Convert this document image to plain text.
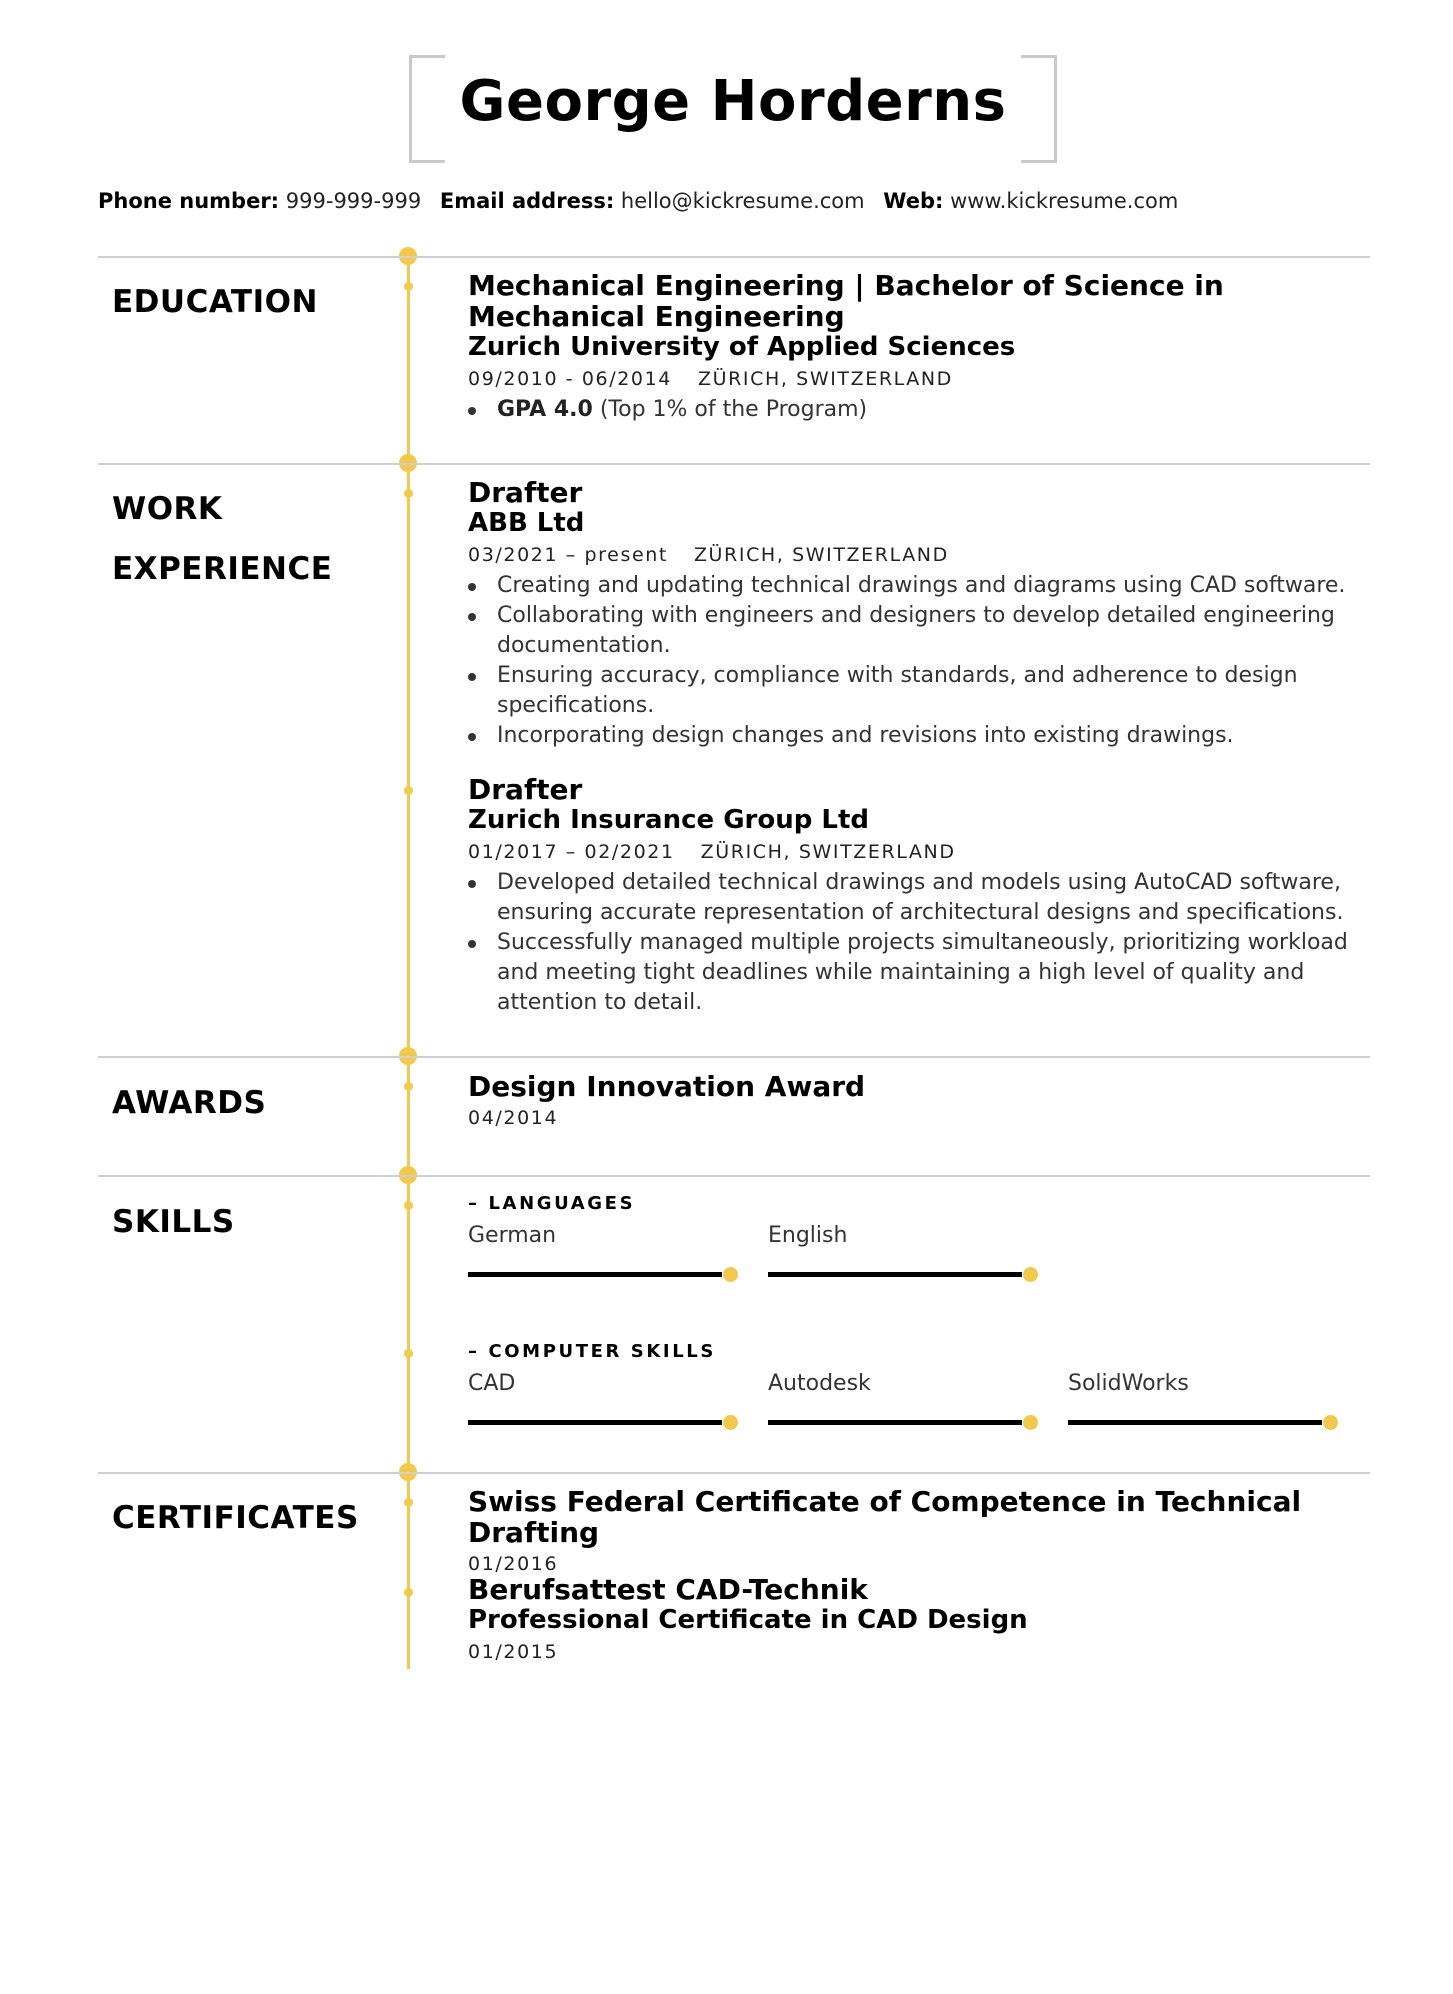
George Horderns
Phone number: 999-999-999 Email address: hello@kickresume.com Web: www.kickresume.com
EDUCATION	Mechanical Engineering | Bachelor of Science in Mechanical Engineering
Zurich University of Applied Sciences
09/2010 - 06/2014 ZÜRICH, SWITZERLAND
GPA 4.0 (Top 1% of the Program)
WORK EXPERIENCE
Drafter
ABB Ltd
03/2021 – present ZÜRICH, SWITZERLAND
Creating and updating technical drawings and diagrams using CAD software.
Collaborating with engineers and designers to develop detailed engineering documentation.
Ensuring accuracy, compliance with standards, and adherence to design specifications.
Incorporating design changes and revisions into existing drawings.
Drafter
Zurich Insurance Group Ltd
01/2017 – 02/2021 ZÜRICH, SWITZERLAND
Developed detailed technical drawings and models using AutoCAD software, ensuring accurate representation of architectural designs and specifications.
Successfully managed multiple projects simultaneously, prioritizing workload and meeting tight deadlines while maintaining a high level of quality and attention to detail.
AWARDS	Design Innovation Award
04/2014
SKILLS
– LANGUAGES
German	English
– COMPUTER SKILLS
CAD	Autodesk	SolidWorks
CERTIFICATES	Swiss Federal Certificate of Competence in Technical Drafting
01/2016
Berufsattest CAD-Technik
Professional Certificate in CAD Design
01/2015
